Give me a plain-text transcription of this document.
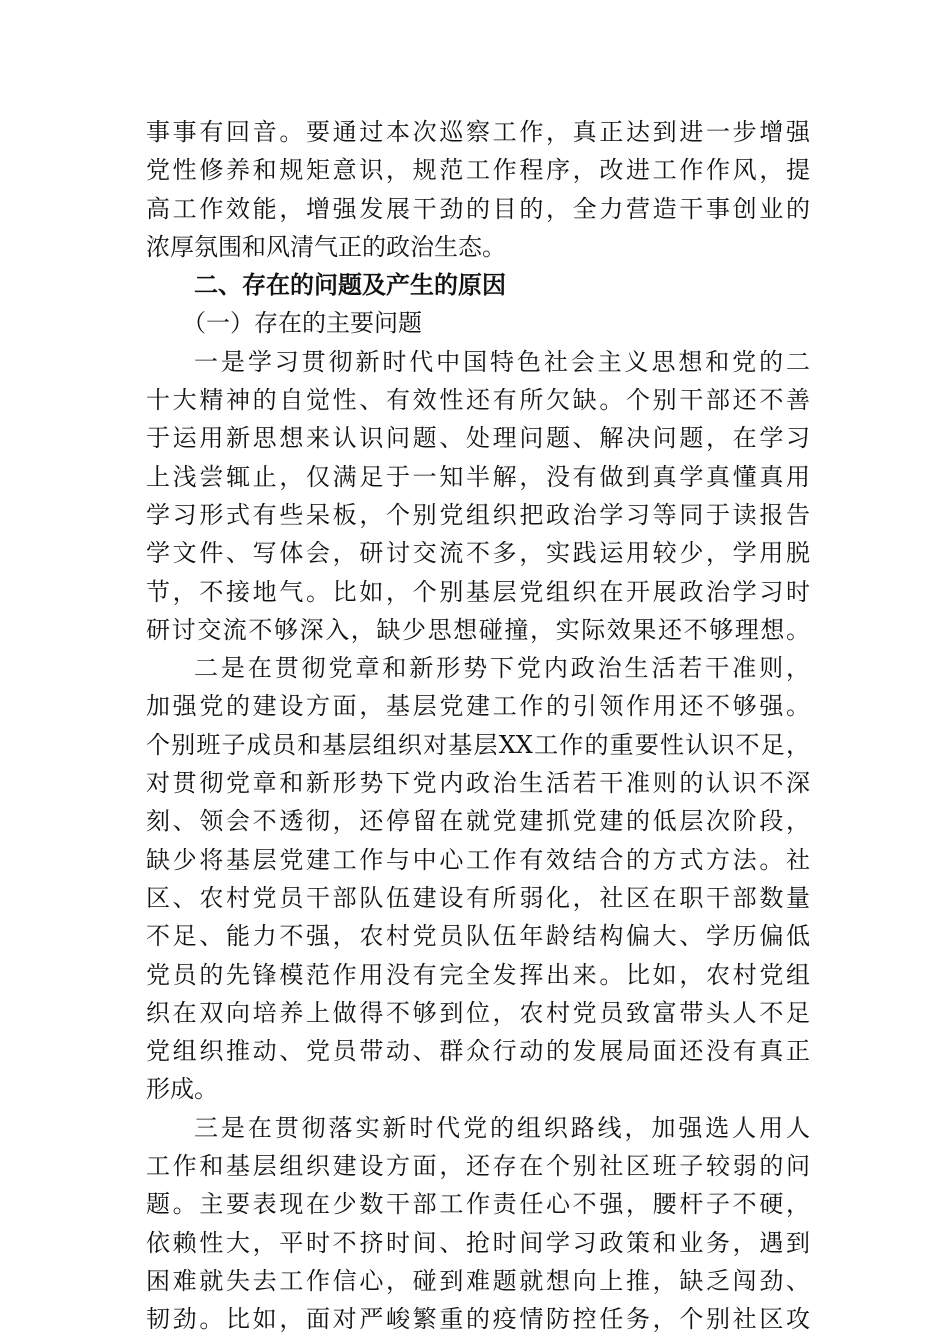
事事有回音。要通过本次巡察工作，真正达到进一步增强
党性修养和规矩意识，规范工作程序，改进工作作风，提
高工作效能，增强发展干劲的目的，全力营造干事创业的
浓厚氛围和风清气正的政治生态。
二、存在的问题及产生的原因
（一）存在的主要问题
一是学习贯彻新时代中国特色社会主义思想和党的二
十大精神的自觉性、有效性还有所欠缺。个别干部还不善
于运用新思想来认识问题、处理问题、解决问题，在学习
上浅尝辄止，仅满足于一知半解，没有做到真学真懂真用
学习形式有些呆板，个别党组织把政治学习等同于读报告
学文件、写体会，研讨交流不多，实践运用较少，学用脱
节，不接地气。比如，个别基层党组织在开展政治学习时
研讨交流不够深入，缺少思想碰撞，实际效果还不够理想。
二是在贯彻党章和新形势下党内政治生活若干准则，
加强党的建设方面，基层党建工作的引领作用还不够强。
个别班子成员和基层组织对基层XX工作的重要性认识不足，
对贯彻党章和新形势下党内政治生活若干准则的认识不深
刻、领会不透彻，还停留在就党建抓党建的低层次阶段，
缺少将基层党建工作与中心工作有效结合的方式方法。社
区、农村党员干部队伍建设有所弱化，社区在职干部数量
不足、能力不强，农村党员队伍年龄结构偏大、学历偏低
党员的先锋模范作用没有完全发挥出来。比如，农村党组
织在双向培养上做得不够到位，农村党员致富带头人不足
党组织推动、党员带动、群众行动的发展局面还没有真正
形成。
三是在贯彻落实新时代党的组织路线，加强选人用人
工作和基层组织建设方面，还存在个别社区班子较弱的问
题。主要表现在少数干部工作责任心不强，腰杆子不硬，
依赖性大，平时不挤时间、抢时间学习政策和业务，遇到
困难就失去工作信心，碰到难题就想向上推，缺乏闯劲、
韧劲。比如，面对严峻繁重的疫情防控任务，个别社区攻
